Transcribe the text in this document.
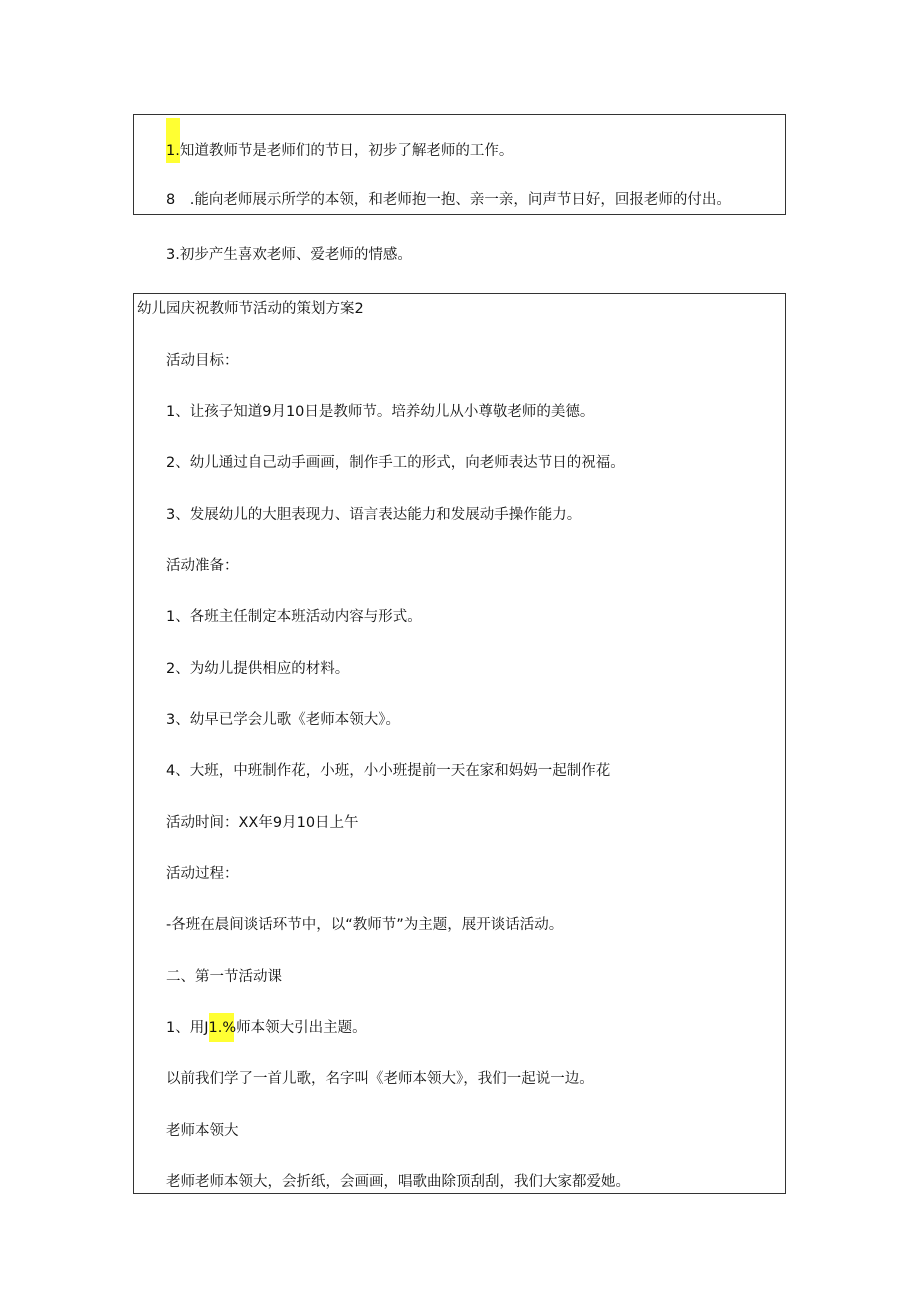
1.知道教师节是老师们的节日，初步了解老师的工作。
8 .能向老师展示所学的本领，和老师抱一抱、亲一亲，问声节日好，回报老师的付出。
3.初步产生喜欢老师、爱老师的情感。
幼儿园庆祝教师节活动的策划方案2
活动目标：
1、让孩子知道9月10日是教师节。培养幼儿从小尊敬老师的美德。
2、幼儿通过自己动手画画，制作手工的形式，向老师表达节日的祝福。
3、发展幼儿的大胆表现力、语言表达能力和发展动手操作能力。
活动准备：
1、各班主任制定本班活动内容与形式。
2、为幼儿提供相应的材料。
3、幼早已学会儿歌《老师本领大》。
4、大班，中班制作花，小班，小小班提前一天在家和妈妈一起制作花
活动时间：XX年9月10日上午
活动过程：
-各班在晨间谈话环节中，以“教师节”为主题，展开谈话活动。
二、第一节活动课
1、用J1.%师本领大引出主题。
以前我们学了一首儿歌，名字叫《老师本领大》，我们一起说一边。
老师本领大
老师老师本领大，会折纸，会画画，唱歌曲除顶刮刮，我们大家都爱她。
